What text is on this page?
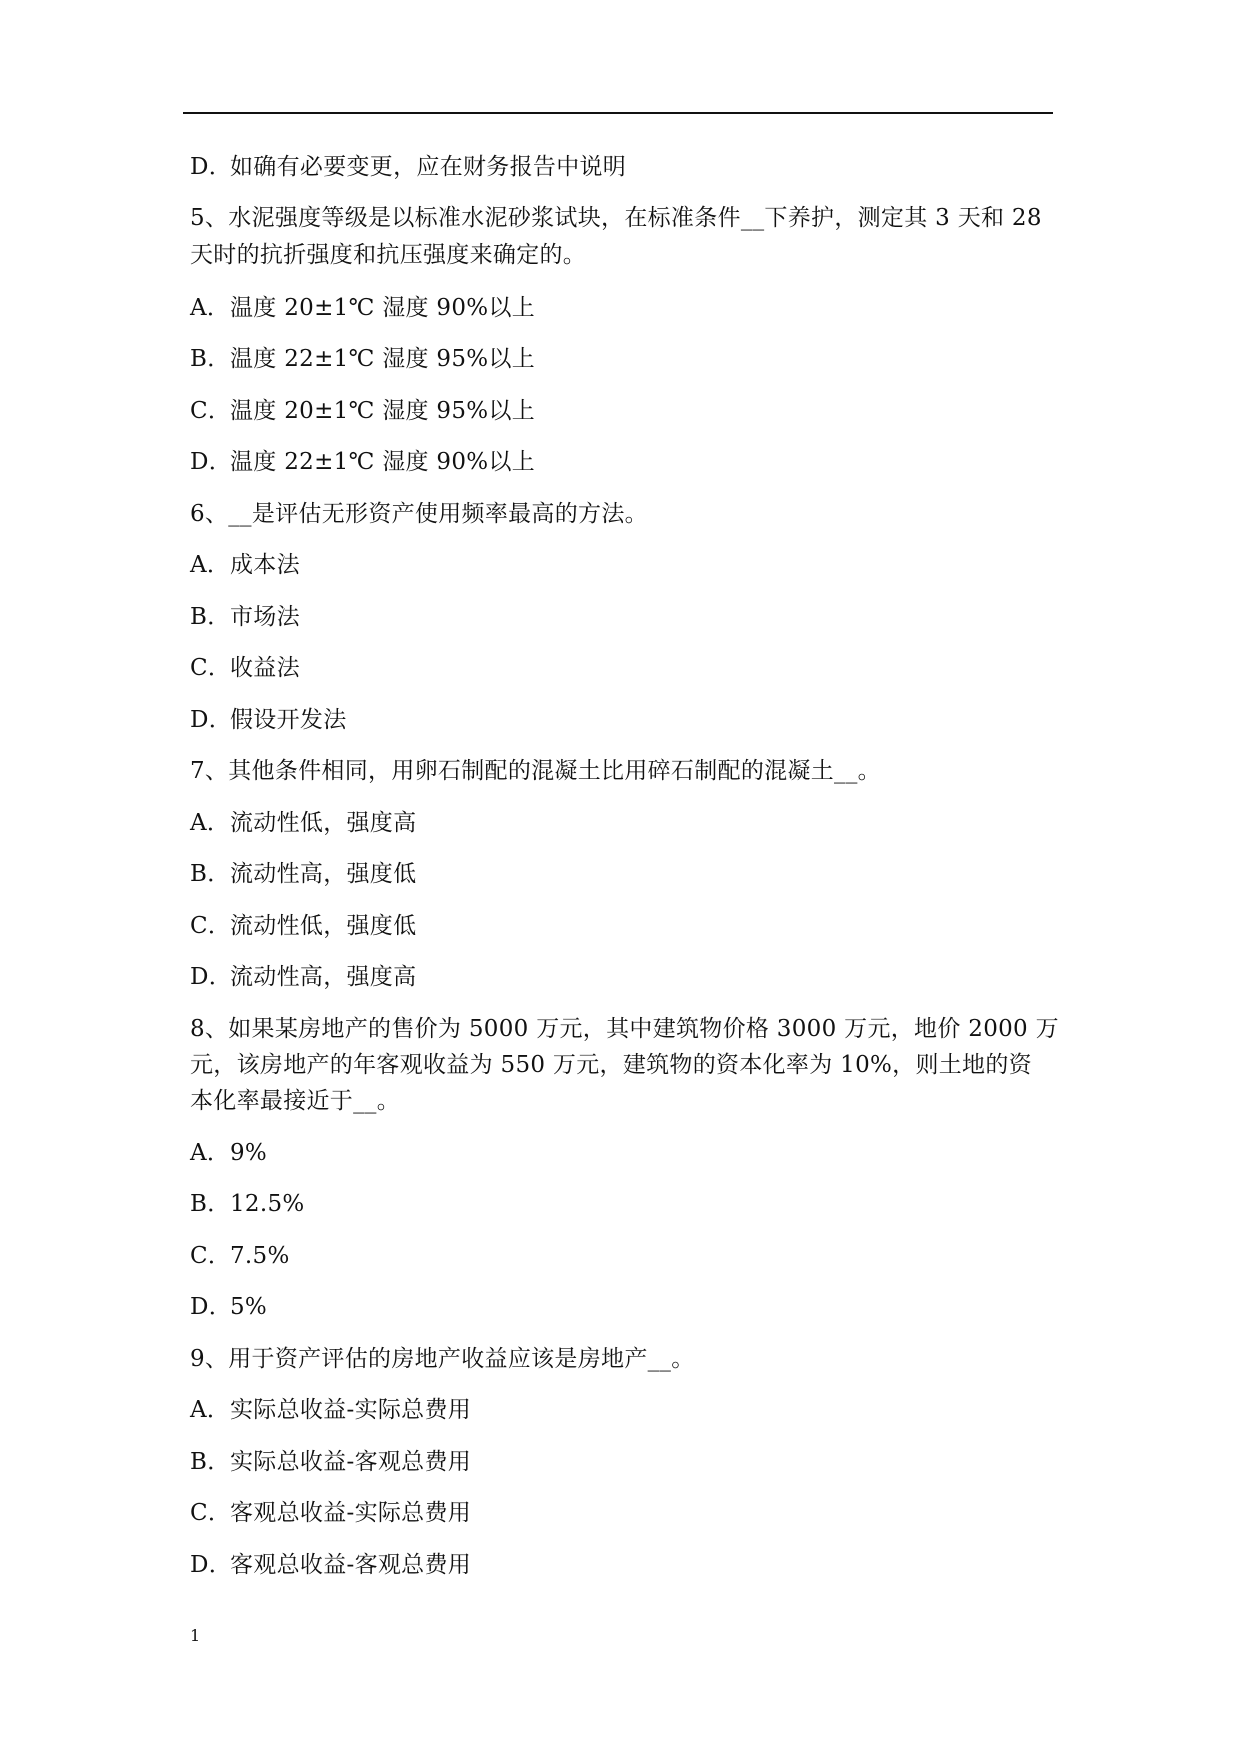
D．如确有必要变更，应在财务报告中说明
5、水泥强度等级是以标准水泥砂浆试块，在标准条件__下养护，测定其 3 天和 28
天时的抗折强度和抗压强度来确定的。
A．温度 20±1℃ 湿度 90%以上
B．温度 22±1℃ 湿度 95%以上
C．温度 20±1℃ 湿度 95%以上
D．温度 22±1℃ 湿度 90%以上
6、__是评估无形资产使用频率最高的方法。
A．成本法
B．市场法
C．收益法
D．假设开发法
7、其他条件相同，用卵石制配的混凝土比用碎石制配的混凝土__。
A．流动性低，强度高
B．流动性高，强度低
C．流动性低，强度低
D．流动性高，强度高
8、如果某房地产的售价为 5000 万元，其中建筑物价格 3000 万元，地价 2000 万
元，该房地产的年客观收益为 550 万元，建筑物的资本化率为 10%，则土地的资
本化率最接近于__。
A．9%
B．12.5%
C．7.5%
D．5%
9、用于资产评估的房地产收益应该是房地产__。
A．实际总收益-实际总费用
B．实际总收益-客观总费用
C．客观总收益-实际总费用
D．客观总收益-客观总费用
1
